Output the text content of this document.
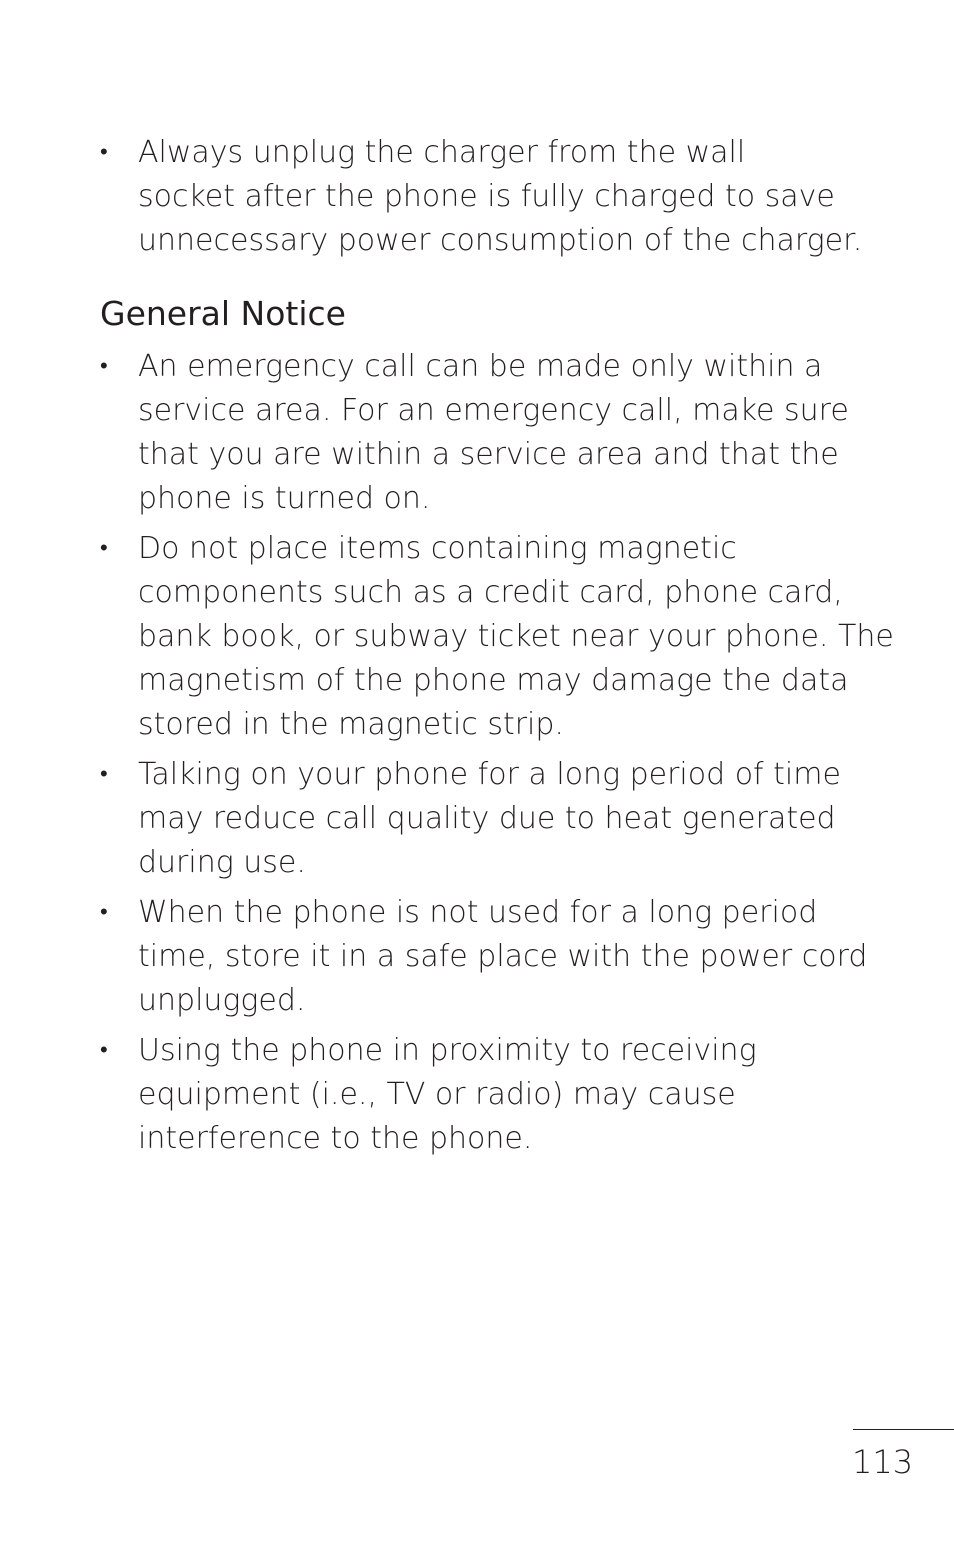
• Always unplug the charger from the wall
socket after the phone is fully charged to save
unnecessary power consumption of the charger.
General Notice
• An emergency call can be made only within a
service area. For an emergency call, make sure
that you are within a service area and that the
phone is turned on.
• Do not place items containing magnetic
components such as a credit card, phone card,
bank book, or subway ticket near your phone. The
magnetism of the phone may damage the data
stored in the magnetic strip.
• Talking on your phone for a long period of time
may reduce call quality due to heat generated
during use.
• When the phone is not used for a long period
time, store it in a safe place with the power cord
unplugged.
• Using the phone in proximity to receiving
equipment (i.e., TV or radio) may cause
interference to the phone.
113
